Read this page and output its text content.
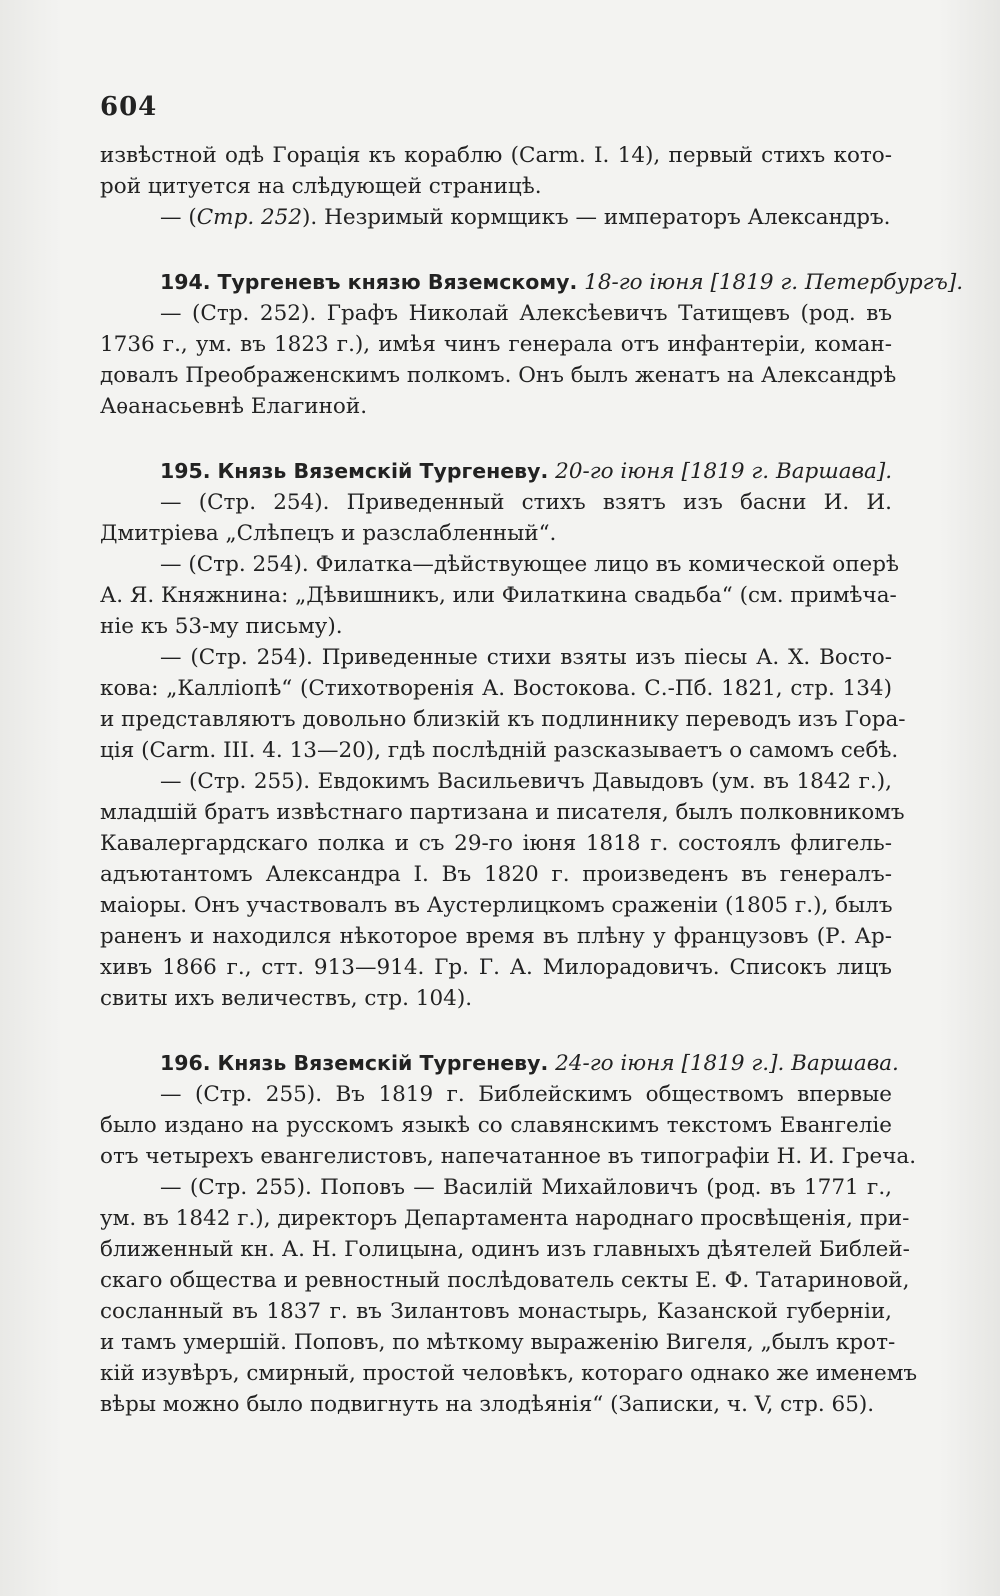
604
извѣстной одѣ Горація къ кораблю (Carm. I. 14), первый стихъ кото-
рой цитуется на слѣдующей страницѣ.
— (Стр. 252). Незримый кормщикъ — императоръ Александръ.
194. Тургеневъ князю Вяземскому. 18-го іюня [1819 г. Петербургъ].
— (Стр. 252). Графъ Николай Алексѣевичъ Татищевъ (род. въ
1736 г., ум. въ 1823 г.), имѣя чинъ генерала отъ инфантеріи, коман-
довалъ Преображенскимъ полкомъ. Онъ былъ женатъ на Александрѣ
Аѳанасьевнѣ Елагиной.
195. Князь Вяземскій Тургеневу. 20-го іюня [1819 г. Варшава].
— (Стр. 254). Приведенный стихъ взятъ изъ басни И. И.
Дмитріева „Слѣпецъ и разслабленный“.
— (Стр. 254). Филатка—дѣйствующее лицо въ комической оперѣ
А. Я. Княжнина: „Дѣвишникъ, или Филаткина свадьба“ (см. примѣча-
ніе къ 53-му письму).
— (Стр. 254). Приведенные стихи взяты изъ піесы А. Х. Восто-
кова: „Калліопѣ“ (Стихотворенія А. Востокова. С.-Пб. 1821, стр. 134)
и представляютъ довольно близкій къ подлиннику переводъ изъ Гора-
ція (Carm. III. 4. 13—20), гдѣ послѣдній разсказываетъ о самомъ себѣ.
— (Стр. 255). Евдокимъ Васильевичъ Давыдовъ (ум. въ 1842 г.),
младшій братъ извѣстнаго партизана и писателя, былъ полковникомъ
Кавалергардскаго полка и съ 29-го іюня 1818 г. состоялъ флигель-
адъютантомъ Александра I. Въ 1820 г. произведенъ въ генералъ-
маіоры. Онъ участвовалъ въ Аустерлицкомъ сраженіи (1805 г.), былъ
раненъ и находился нѣкоторое время въ плѣну у французовъ (Р. Ар-
хивъ 1866 г., стт. 913—914. Гр. Г. А. Милорадовичъ. Списокъ лицъ
свиты ихъ величествъ, стр. 104).
196. Князь Вяземскій Тургеневу. 24-го іюня [1819 г.]. Варшава.
— (Стр. 255). Въ 1819 г. Библейскимъ обществомъ впервые
было издано на русскомъ языкѣ со славянскимъ текстомъ Евангеліе
отъ четырехъ евангелистовъ, напечатанное въ типографіи Н. И. Греча.
— (Стр. 255). Поповъ — Василій Михайловичъ (род. въ 1771 г.,
ум. въ 1842 г.), директоръ Департамента народнаго просвѣщенія, при-
ближенный кн. А. Н. Голицына, одинъ изъ главныхъ дѣятелей Библей-
скаго общества и ревностный послѣдователь секты Е. Ф. Татариновой,
сосланный въ 1837 г. въ Зилантовъ монастырь, Казанской губерніи,
и тамъ умершій. Поповъ, по мѣткому выраженію Вигеля, „былъ крот-
кій изувѣръ, смирный, простой человѣкъ, котораго однако же именемъ
вѣры можно было подвигнуть на злодѣянія“ (Записки, ч. V, стр. 65).
